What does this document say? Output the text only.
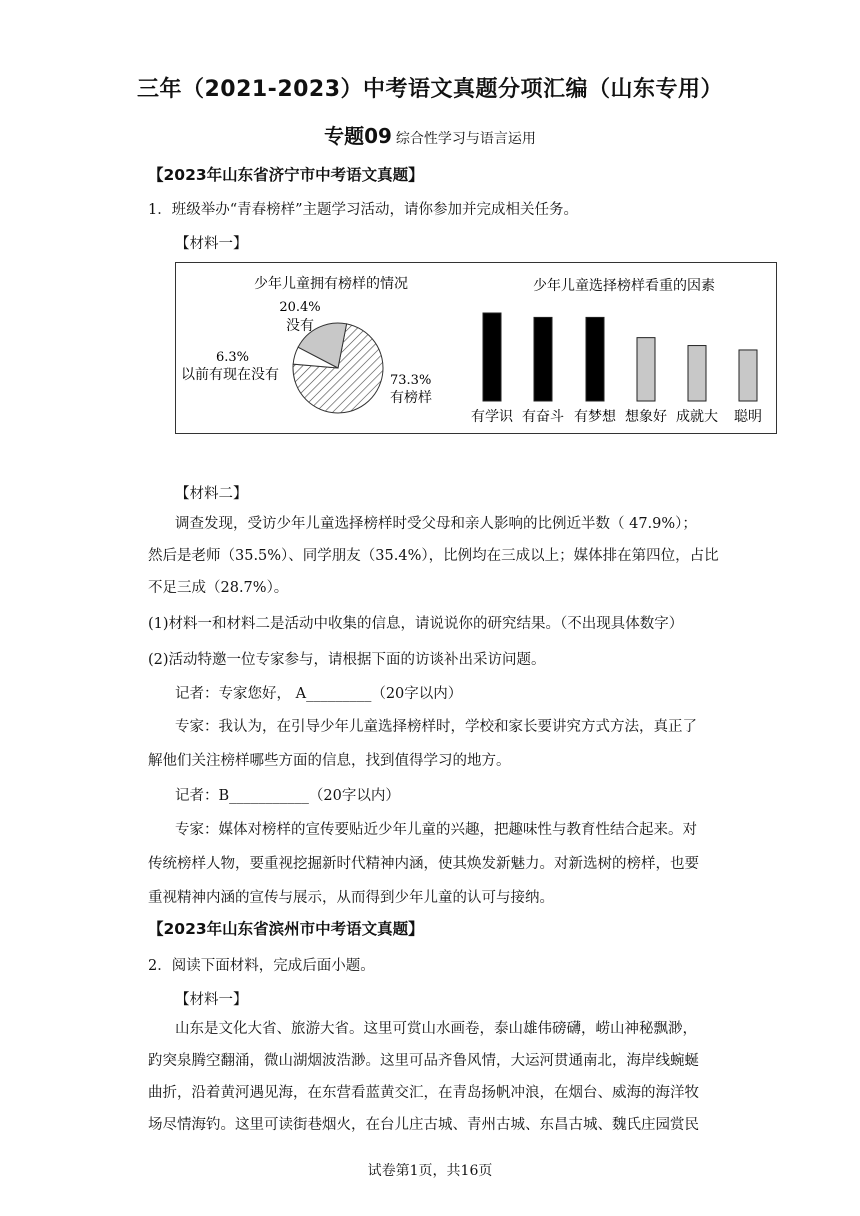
三年（2021-2023）中考语文真题分项汇编（山东专用）
专题09 综合性学习与语言运用
【2023年山东省济宁市中考语文真题】
1．班级举办“青春榜样”主题学习活动，请你参加并完成相关任务。
【材料一】
少年儿童拥有榜样的情况
73.3%
有榜样
6.3%
以前有现在没有
20.4%
没有
少年儿童选择榜样看重的因素
有学识 有奋斗 有梦想 想象好 成就大 聪明
【材料二】
调查发现，受访少年儿童选择榜样时受父母和亲人影响的比例近半数（ 47.9%）；
然后是老师（35.5%）、同学朋友（35.4%），比例均在三成以上；媒体排在第四位，占比
不足三成（28.7%）。
(1)材料一和材料二是活动中收集的信息，请说说你的研究结果。（不出现具体数字）
(2)活动特邀一位专家参与，请根据下面的访谈补出采访问题。
记者：专家您好， A_________（20字以内）
专家：我认为，在引导少年儿童选择榜样时，学校和家长要讲究方式方法，真正了
解他们关注榜样哪些方面的信息，找到值得学习的地方。
记者：B___________（20字以内）
专家：媒体对榜样的宣传要贴近少年儿童的兴趣，把趣味性与教育性结合起来。对
传统榜样人物，要重视挖掘新时代精神内涵，使其焕发新魅力。对新选树的榜样，也要
重视精神内涵的宣传与展示，从而得到少年儿童的认可与接纳。
【2023年山东省滨州市中考语文真题】
2．阅读下面材料，完成后面小题。
【材料一】
山东是文化大省、旅游大省。这里可赏山水画卷，泰山雄伟磅礴，崂山神秘飘渺，
趵突泉腾空翻涌，微山湖烟波浩渺。这里可品齐鲁风情，大运河贯通南北，海岸线蜿蜒
曲折，沿着黄河遇见海，在东营看蓝黄交汇，在青岛扬帆冲浪，在烟台、威海的海洋牧
场尽情海钓。这里可读街巷烟火，在台儿庄古城、青州古城、东昌古城、魏氏庄园赏民
试卷第1页，共16页
